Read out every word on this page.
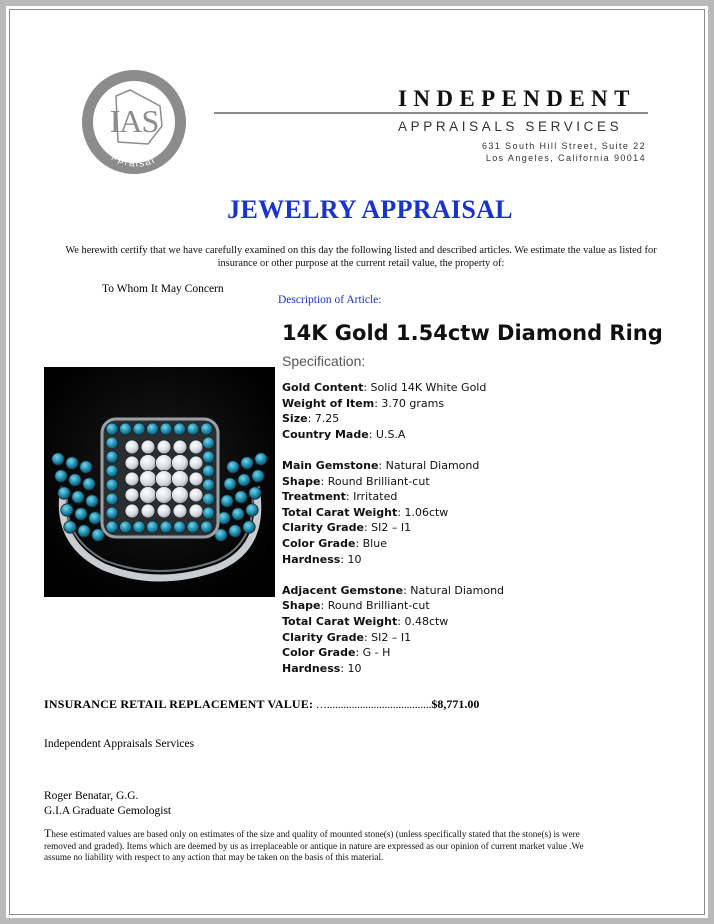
IAS
Appraisal
INDEPENDENT
APPRAISALS SERVICES
631 South Hill Street, Suite 22
Los Angeles, California 90014
JEWELRY APPRAISAL
We herewith certify that we have carefully examined on this day the following listed and described articles. We estimate the value as listed for insurance or other purpose at the current retail value, the property of:
To Whom It May Concern
Description of Article:
14K Gold 1.54ctw Diamond Ring
Specification:
Gold Content: Solid 14K White Gold
Weight of Item: 3.70 grams
Size: 7.25
Country Made: U.S.A
Main Gemstone: Natural Diamond
Shape: Round Brilliant-cut
Treatment: Irritated
Total Carat Weight: 1.06ctw
Clarity Grade: SI2 – I1
Color Grade: Blue
Hardness: 10
Adjacent Gemstone: Natural Diamond
Shape: Round Brilliant-cut
Total Carat Weight: 0.48ctw
Clarity Grade: SI2 – I1
Color Grade: G - H
Hardness: 10
INSURANCE RETAIL REPLACEMENT VALUE: …......................................$8,771.00
Independent Appraisals Services
Roger Benatar, G.G.
G.I.A Graduate Gemologist
These estimated values are based only on estimates of the size and quality of mounted stone(s) (unless specifically stated that the stone(s) is were removed and graded). Items which are deemed by us as irreplaceable or antique in nature are expressed as our opinion of current market value .We assume no liability with respect to any action that may be taken on the basis of this material.
